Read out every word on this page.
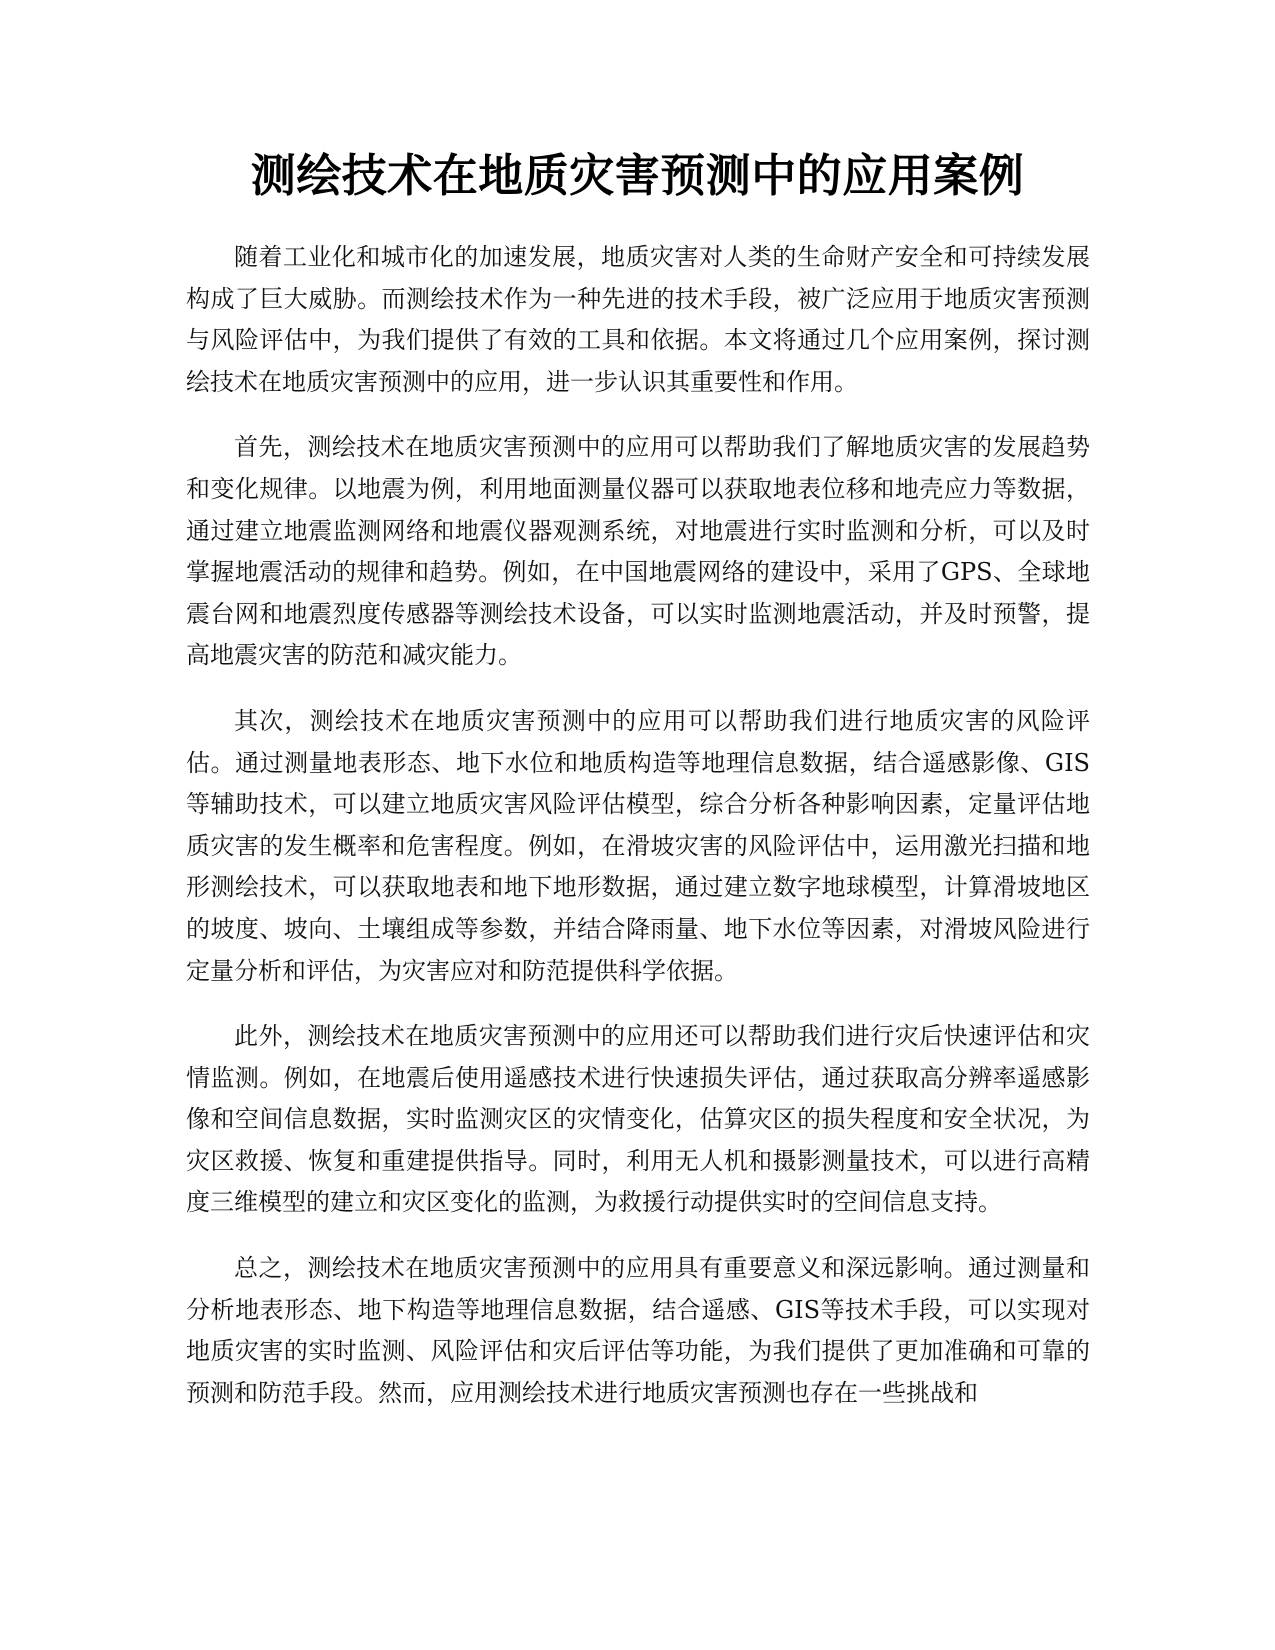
测绘技术在地质灾害预测中的应用案例

随着工业化和城市化的加速发展，地质灾害对人类的生命财产安全和可持续发展构成了巨大威胁。而测绘技术作为一种先进的技术手段，被广泛应用于地质灾害预测与风险评估中，为我们提供了有效的工具和依据。本文将通过几个应用案例，探讨测绘技术在地质灾害预测中的应用，进一步认识其重要性和作用。

首先，测绘技术在地质灾害预测中的应用可以帮助我们了解地质灾害的发展趋势和变化规律。以地震为例，利用地面测量仪器可以获取地表位移和地壳应力等数据，通过建立地震监测网络和地震仪器观测系统，对地震进行实时监测和分析，可以及时掌握地震活动的规律和趋势。例如，在中国地震网络的建设中，采用了GPS、全球地震台网和地震烈度传感器等测绘技术设备，可以实时监测地震活动，并及时预警，提高地震灾害的防范和减灾能力。

其次，测绘技术在地质灾害预测中的应用可以帮助我们进行地质灾害的风险评估。通过测量地表形态、地下水位和地质构造等地理信息数据，结合遥感影像、GIS等辅助技术，可以建立地质灾害风险评估模型，综合分析各种影响因素，定量评估地质灾害的发生概率和危害程度。例如，在滑坡灾害的风险评估中，运用激光扫描和地形测绘技术，可以获取地表和地下地形数据，通过建立数字地球模型，计算滑坡地区的坡度、坡向、土壤组成等参数，并结合降雨量、地下水位等因素，对滑坡风险进行定量分析和评估，为灾害应对和防范提供科学依据。

此外，测绘技术在地质灾害预测中的应用还可以帮助我们进行灾后快速评估和灾情监测。例如，在地震后使用遥感技术进行快速损失评估，通过获取高分辨率遥感影像和空间信息数据，实时监测灾区的灾情变化，估算灾区的损失程度和安全状况，为灾区救援、恢复和重建提供指导。同时，利用无人机和摄影测量技术，可以进行高精度三维模型的建立和灾区变化的监测，为救援行动提供实时的空间信息支持。

总之，测绘技术在地质灾害预测中的应用具有重要意义和深远影响。通过测量和分析地表形态、地下构造等地理信息数据，结合遥感、GIS等技术手段，可以实现对地质灾害的实时监测、风险评估和灾后评估等功能，为我们提供了更加准确和可靠的预测和防范手段。然而，应用测绘技术进行地质灾害预测也存在一些挑战和
